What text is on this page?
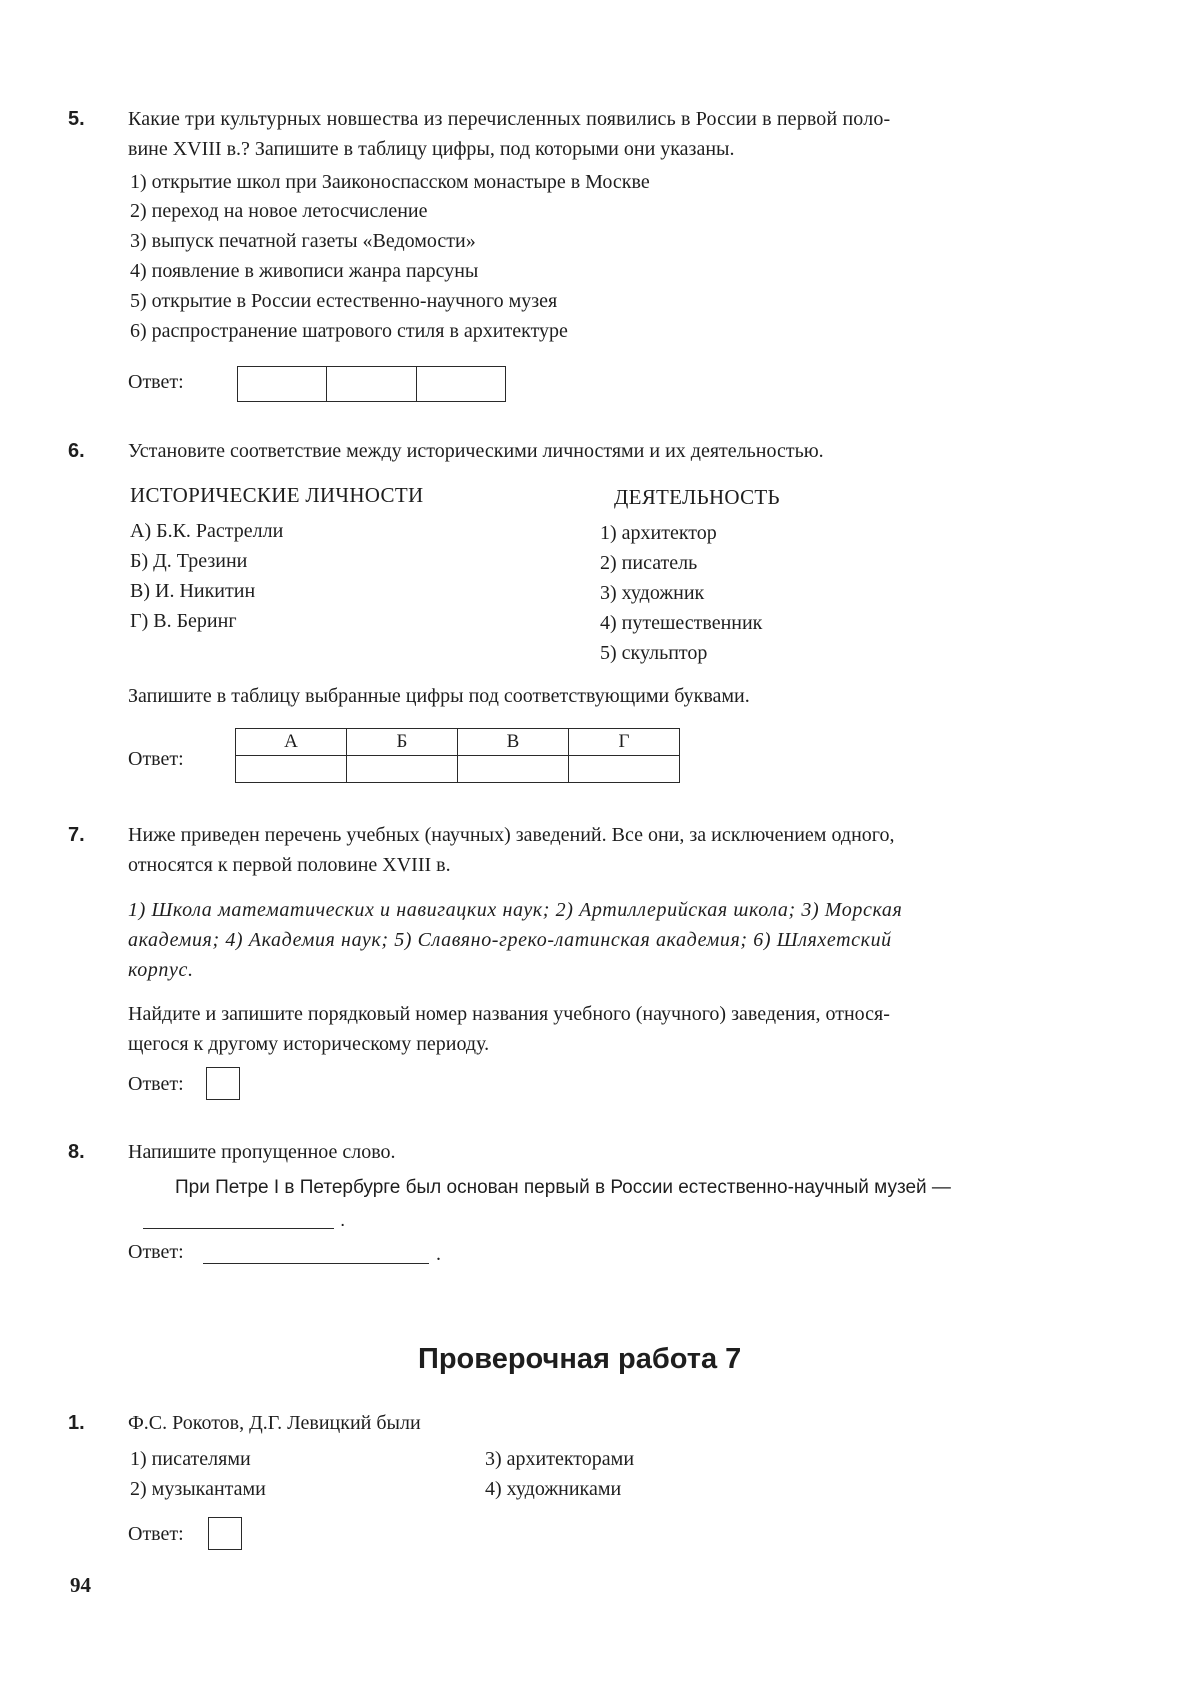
5. Какие три культурных новшества из перечисленных появились в России в первой поло-
вине XVIII в.? Запишите в таблицу цифры, под которыми они указаны.
1) открытие школ при Заиконоспасском монастыре в Москве
2) переход на новое летосчисление
3) выпуск печатной газеты «Ведомости»
4) появление в живописи жанра парсуны
5) открытие в России естественно-научного музея
6) распространение шатрового стиля в архитектуре
Ответ:
6. Установите соответствие между историческими личностями и их деятельностью.
ИСТОРИЧЕСКИЕ ЛИЧНОСТИ	ДЕЯТЕЛЬНОСТЬ
А) Б.К. Растрелли
Б) Д. Трезини
В) И. Никитин
Г) В. Беринг
1) архитектор
2) писатель
3) художник
4) путешественник
5) скульптор
Запишите в таблицу выбранные цифры под соответствующими буквами.
Ответ:
А	Б	В	Г

7. Ниже приведен перечень учебных (научных) заведений. Все они, за исключением одного,
относятся к первой половине XVIII в.
1) Школа математических и навигацких наук; 2) Артиллерийская школа; 3) Морская
академия; 4) Академия наук; 5) Славяно-греко-латинская академия; 6) Шляхетский
корпус.
Найдите и запишите порядковый номер названия учебного (научного) заведения, относя-
щегося к другому историческому периоду.
Ответ:
8. Напишите пропущенное слово.
При Петре I в Петербурге был основан первый в России естественно-научный музей —
.
Ответ:	.
Проверочная работа 7
1. Ф.С. Рокотов, Д.Г. Левицкий были
1) писателями
2) музыкантами
3) архитекторами
4) художниками
Ответ:
94
